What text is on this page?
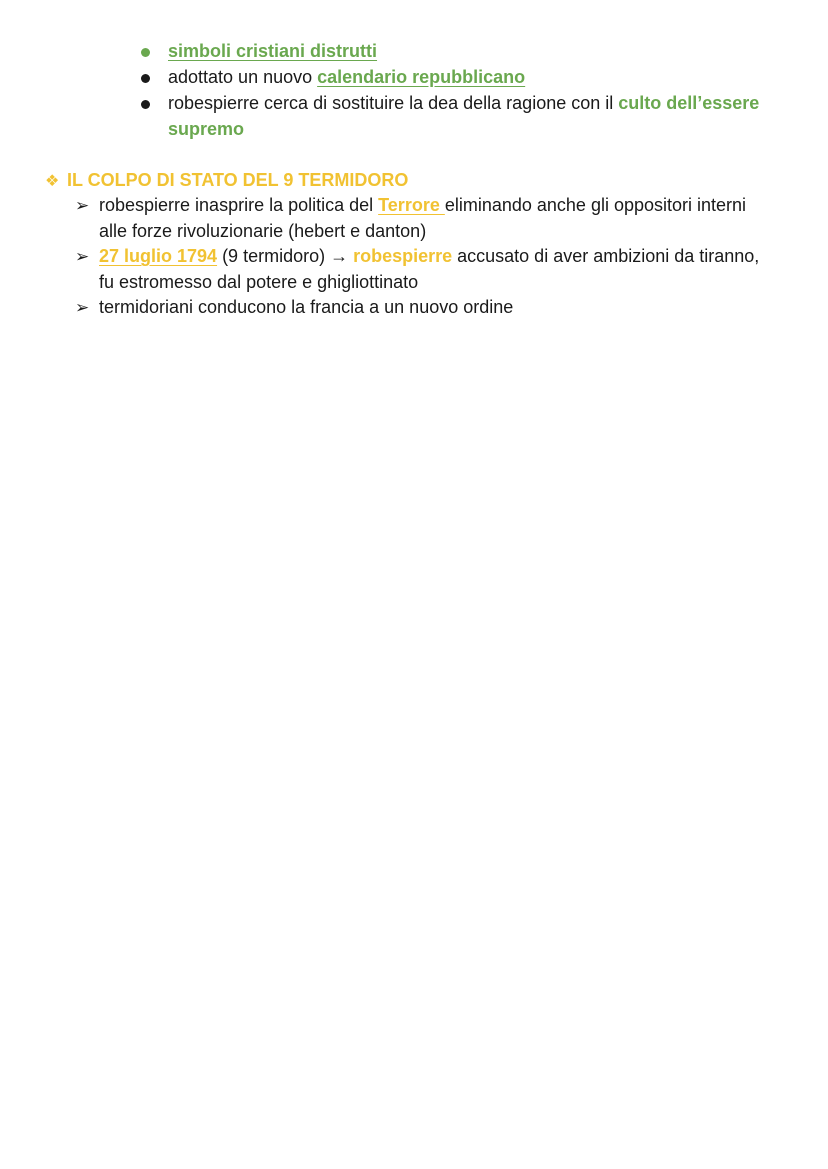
simboli cristiani distrutti
adottato un nuovo calendario repubblicano
robespierre cerca di sostituire la dea della ragione con il culto dell’essere supremo
❖ IL COLPO DI STATO DEL 9 TERMIDORO
➢ robespierre inasprire la politica del Terrore eliminando anche gli oppositori interni alle forze rivoluzionarie (hebert e danton)
➢ 27 luglio 1794 (9 termidoro) → robespierre accusato di aver ambizioni da tiranno, fu estromesso dal potere e ghigliottinato
➢ termidoriani conducono la francia a un nuovo ordine
